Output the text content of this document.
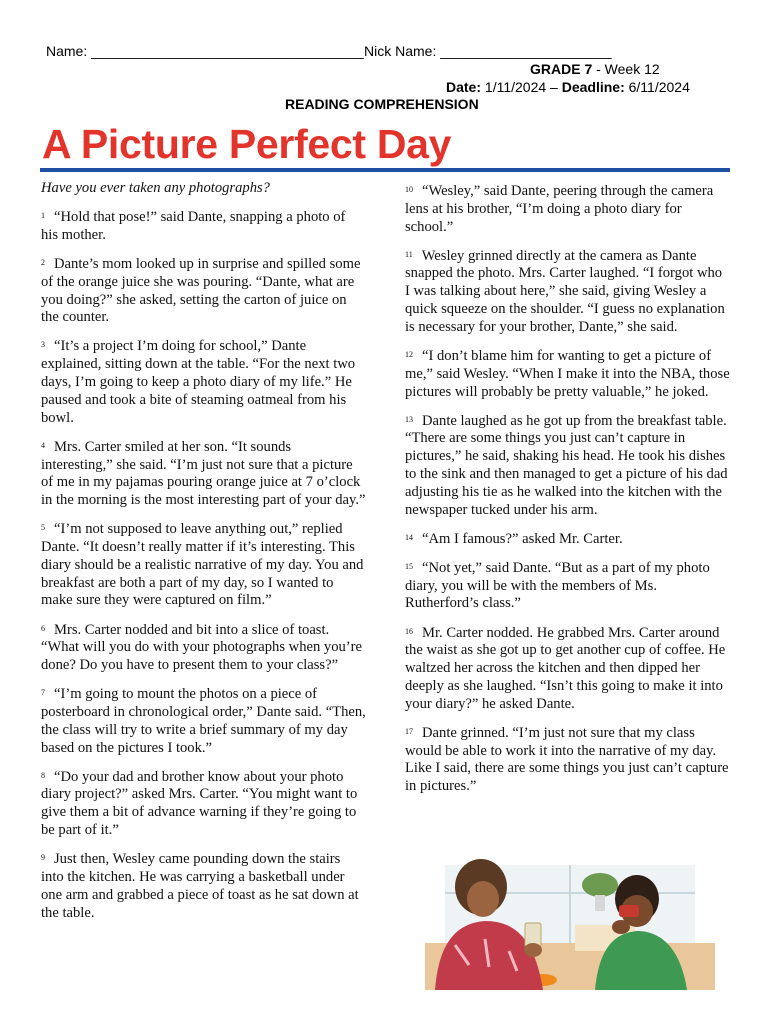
Name: ___________________________________ Nick Name: ______________________
GRADE 7 - Week 12
Date: 1/11/2024 – Deadline: 6/11/2024
READING COMPREHENSION
A Picture Perfect Day

Have you ever taken any photographs?

$^1$ “Hold that pose!” said Dante, snapping a photo of his mother.

$^2$ Dante’s mom looked up in surprise and spilled some of the orange juice she was pouring. “Dante, what are you doing?” she asked, setting the carton of juice on the counter.

$^3$ “It’s a project I’m doing for school,” Dante explained, sitting down at the table. “For the next two days, I’m going to keep a photo diary of my life.” He paused and took a bite of steaming oatmeal from his bowl.

$^4$ Mrs. Carter smiled at her son. “It sounds interesting,” she said. “I’m just not sure that a picture of me in my pajamas pouring orange juice at 7 o’clock in the morning is the most interesting part of your day.”

$^5$ “I’m not supposed to leave anything out,” replied Dante. “It doesn’t really matter if it’s interesting. This diary should be a realistic narrative of my day. You and breakfast are both a part of my day, so I wanted to make sure they were captured on film.”

$^6$ Mrs. Carter nodded and bit into a slice of toast. “What will you do with your photographs when you’re done? Do you have to present them to your class?”

$^7$ “I’m going to mount the photos on a piece of posterboard in chronological order,” Dante said. “Then, the class will try to write a brief summary of my day based on the pictures I took.”

$^8$ “Do your dad and brother know about your photo diary project?” asked Mrs. Carter. “You might want to give them a bit of advance warning if they’re going to be part of it.”

$^9$ Just then, Wesley came pounding down the stairs into the kitchen. He was carrying a basketball under one arm and grabbed a piece of toast as he sat down at the table.

$^{10}$ “Wesley,” said Dante, peering through the camera lens at his brother, “I’m doing a photo diary for school.”

$^{11}$ Wesley grinned directly at the camera as Dante snapped the photo. Mrs. Carter laughed. “I forgot who I was talking about here,” she said, giving Wesley a quick squeeze on the shoulder. “I guess no explanation is necessary for your brother, Dante,” she said.

$^{12}$ “I don’t blame him for wanting to get a picture of me,” said Wesley. “When I make it into the NBA, those pictures will probably be pretty valuable,” he joked.

$^{13}$ Dante laughed as he got up from the breakfast table. “There are some things you just can’t capture in pictures,” he said, shaking his head. He took his dishes to the sink and then managed to get a picture of his dad adjusting his tie as he walked into the kitchen with the newspaper tucked under his arm.

$^{14}$ “Am I famous?” asked Mr. Carter.

$^{15}$ “Not yet,” said Dante. “But as a part of my photo diary, you will be with the members of Ms. Rutherford’s class.”

$^{16}$ Mr. Carter nodded. He grabbed Mrs. Carter around the waist as she got up to get another cup of coffee. He waltzed her across the kitchen and then dipped her deeply as she laughed. “Isn’t this going to make it into your diary?” he asked Dante.

$^{17}$ Dante grinned. “I’m just not sure that my class would be able to work it into the narrative of my day. Like I said, there are some things you just can’t capture in pictures.”
